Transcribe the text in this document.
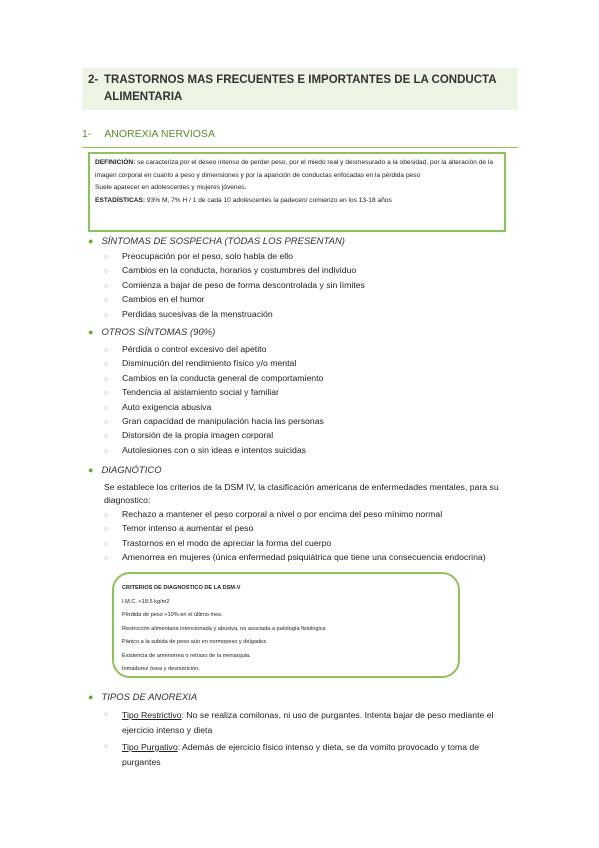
2- TRASTORNOS MAS FRECUENTES E IMPORTANTES DE LA CONDUCTA ALIMENTARIA
1- ANOREXIA NERVIOSA
DEFINICIÓN: se caracteriza por el deseo intenso de perder peso, por el miedo real y desmesurado a la obesidad, por la alteración de la imagen corporal en cuanto a peso y dimensiones y por la aparición de conductas enfocadas en la pérdida peso
Suele aparecer en adolescentes y mujeres jóvenes.
ESTADÍSTICAS: 93% M, 7% H / 1 de cada 10 adolescentes la padecen/ comienzo en los 13-18 años
● SÍNTOMAS DE SOSPECHA (TODAS LOS PRESENTAN)
○ Preocupación por el peso, solo habla de ello
○ Cambios en la conducta, horarios y costumbres del individuo
○ Comienza a bajar de peso de forma descontrolada y sin límites
○ Cambios en el humor
○ Perdidas sucesivas de la menstruación
● OTROS SÍNTOMAS (90%)
○ Pérdida o control excesivo del apetito
○ Disminución del rendimiento físico y/o mental
○ Cambios en la conducta general de comportamiento
○ Tendencia al aislamiento social y familiar
○ Auto exigencia abusiva
○ Gran capacidad de manipulación hacia las personas
○ Distorsión de la propia imagen corporal
○ Autolesiones con o sin ideas e intentos suicidas
● DIAGNÓTICO
Se establece los criterios de la DSM IV, la clasificación americana de enfermedades mentales, para su diagnostico:
○ Rechazo a mantener el peso corporal a nivel o por encima del peso mínimo normal
○ Temor intenso a aumentar el peso
○ Trastornos en el modo de apreciar la forma del cuerpo
○ Amenorrea en mujeres (única enfermedad psiquiátrica que tiene una consecuencia endocrina)
CRITERIOS DE DIAGNOSTICO DE LA DSM-V
I.M.C. <18.5 kg/m2
Pérdida de peso >10% en el último mes.
Restricción alimentaria intencionada y abusiva, no asociada a patología fisiológica
Pánico a la subida de peso aún en normopeso y delgadez.
Existencia de amenorrea o retraso de la menarquia.
Inmadurez ósea y desnutrición.
● TIPOS DE ANOREXIA
○ Tipo Restrictivo: No se realiza comilonas, ni uso de purgantes. Intenta bajar de peso mediante el ejercicio intenso y dieta
○ Tipo Purgativo: Además de ejercicio físico intenso y dieta, se da vomito provocado y toma de purgantes
